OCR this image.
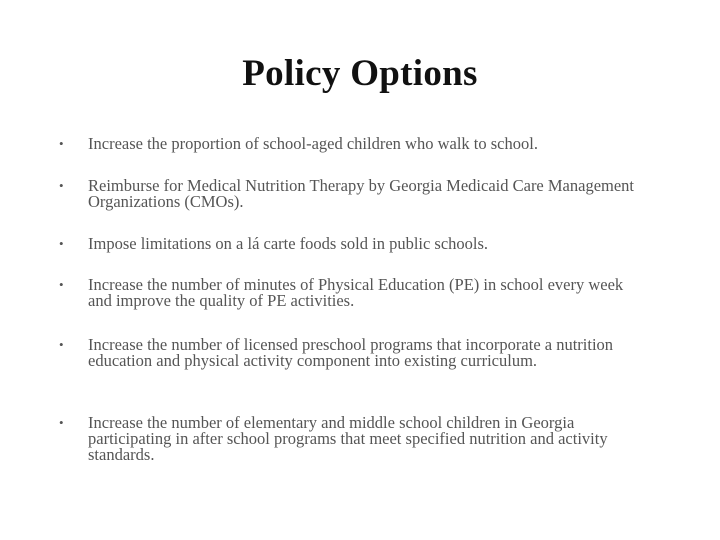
Policy Options
• Increase the proportion of school-aged children who walk to school.
• Reimburse for Medical Nutrition Therapy by Georgia Medicaid Care Management Organizations (CMOs).
• Impose limitations on a lá carte foods sold in public schools.
• Increase the number of minutes of Physical Education (PE) in school every week and improve the quality of PE activities.
• Increase the number of licensed preschool programs that incorporate a nutrition education and physical activity component into existing curriculum.
• Increase the number of elementary and middle school children in Georgia participating in after school programs that meet specified nutrition and activity standards.
